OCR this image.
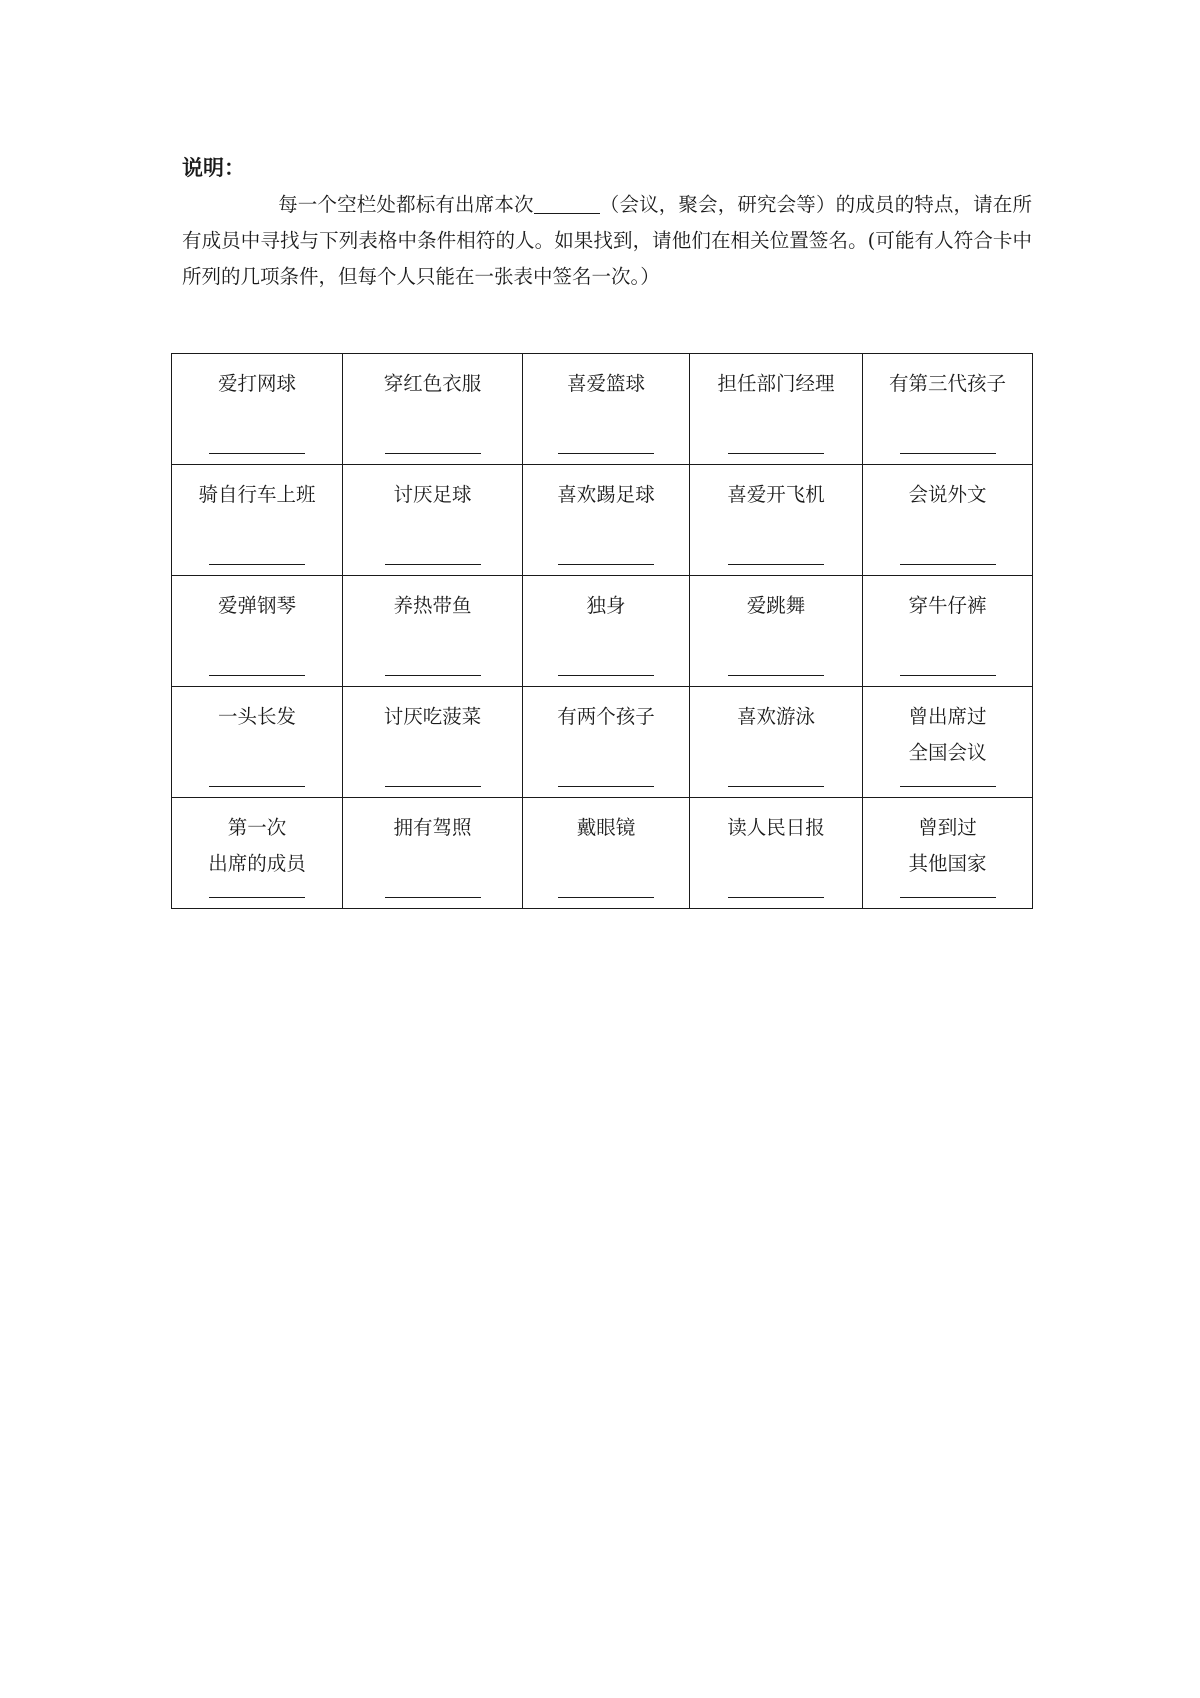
说明：

每一个空栏处都标有出席本次	（会议，聚会，研究会等）的成员的特点，请在所有成员中寻找与下列表格中条件相符的人。如果找到，请他们在相关位置签名。(可能有人符合卡中所列的几项条件，但每个人只能在一张表中签名一次。）

爱打网球	穿红色衣服	喜爱篮球	担任部门经理	有第三代孩子

骑自行车上班	讨厌足球	喜欢踢足球	喜爱开飞机	会说外文

爱弹钢琴	养热带鱼	独身	爱跳舞	穿牛仔裤

一头长发	讨厌吃菠菜	有两个孩子	喜欢游泳	曾出席过
全国会议

第一次
出席的成员	拥有驾照	戴眼镜	读人民日报	曾到过
其他国家
